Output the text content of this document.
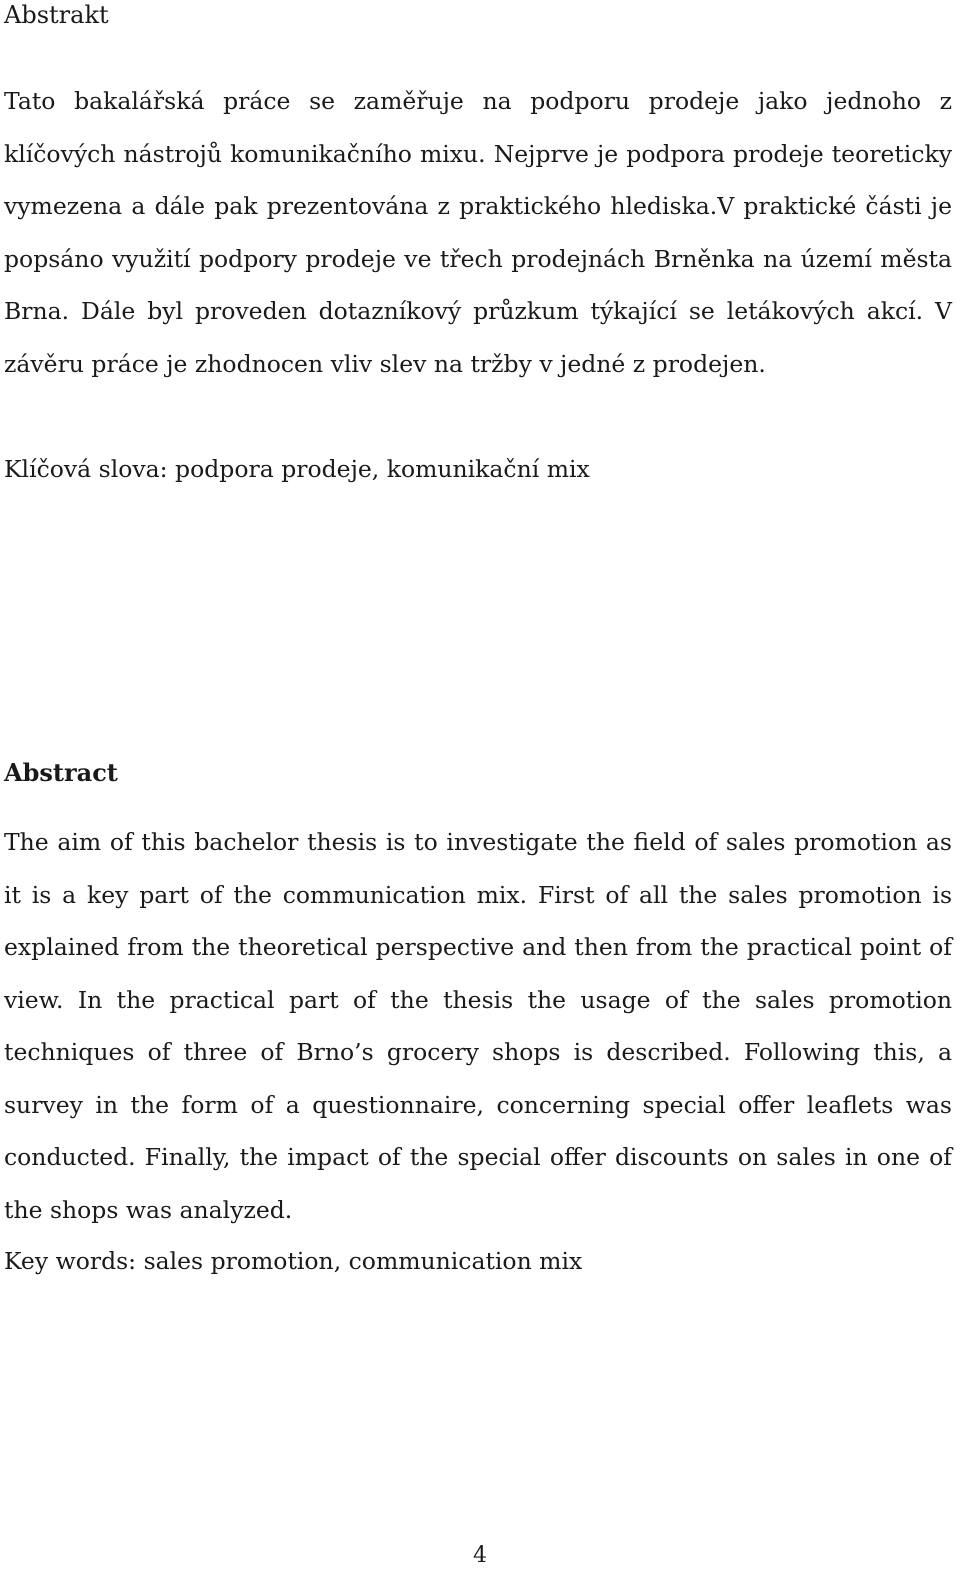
Abstrakt

Tato bakalářská práce se zaměřuje na podporu prodeje jako jednoho z klíčových nástrojů komunikačního mixu. Nejprve je podpora prodeje teoreticky vymezena a dále pak prezentována z praktického hlediska.V praktické části je popsáno využití podpory prodeje ve třech prodejnách Brněnka na území města Brna. Dále byl proveden dotazníkový průzkum týkající se letákových akcí. V závěru práce je zhodnocen vliv slev na tržby v jedné z prodejen.

Klíčová slova: podpora prodeje, komunikační mix

Abstract

The aim of this bachelor thesis is to investigate the field of sales promotion as it is a key part of the communication mix. First of all the sales promotion is explained from the theoretical perspective and then from the practical point of view. In the practical part of the thesis the usage of the sales promotion techniques of three of Brno’s grocery shops is described. Following this, a survey in the form of a questionnaire, concerning special offer leaflets was conducted. Finally, the impact of the special offer discounts on sales in one of the shops was analyzed.

Key words: sales promotion, communication mix

4
